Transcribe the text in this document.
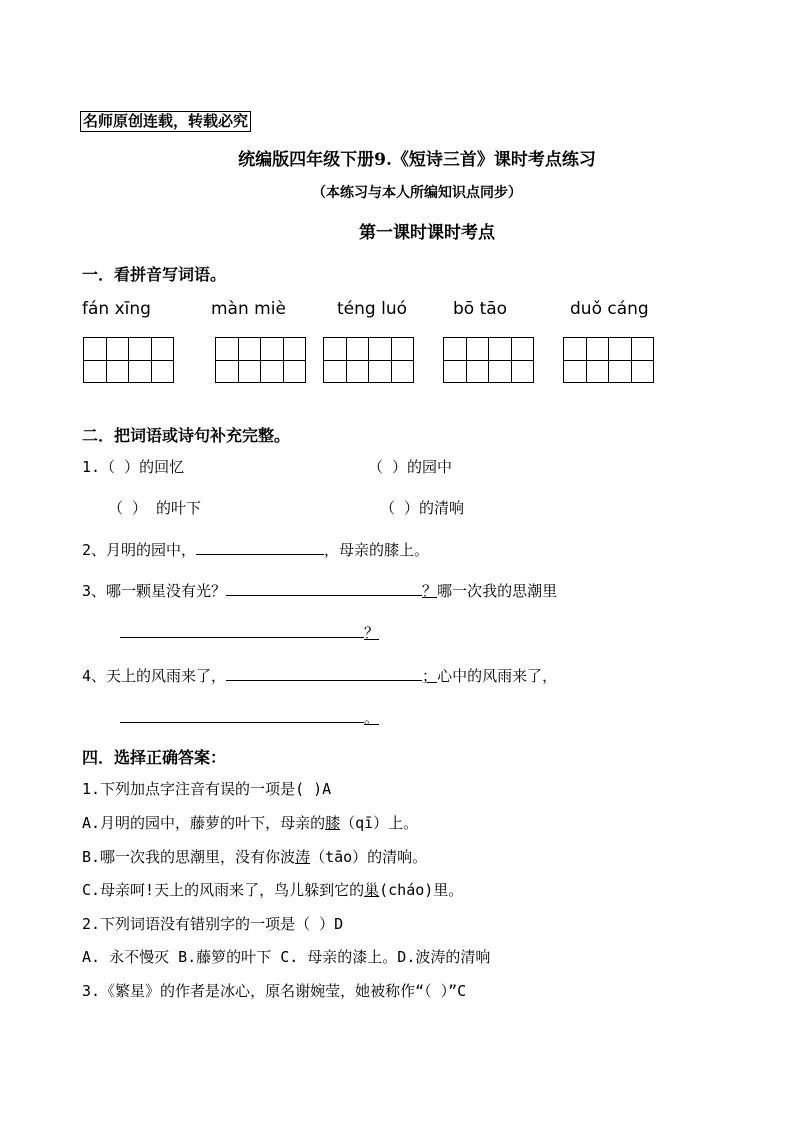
名师原创连载，转载必究
统编版四年级下册9.《短诗三首》课时考点练习
（本练习与本人所编知识点同步）
第一课时课时考点
一．看拼音写词语。
fán xīng	màn miè	téng luó	bō tāo	duǒ cáng
二．把词语或诗句补充完整。
1.（ ）的回忆	（ ）的园中
（ ） 的叶下	（ ）的清响
2、月明的园中，	，母亲的膝上。
3、哪一颗星没有光？	？哪一次我的思潮里
？
4、天上的风雨来了，	；心中的风雨来了，
。
四．选择正确答案：
1.下列加点字注音有误的一项是( )A
A.月明的园中，藤萝的叶下，母亲的膝（qī）上。
B.哪一次我的思潮里，没有你波涛（tāo）的清响。
C.母亲呵!天上的风雨来了，鸟儿躲到它的巢(cháo)里。
2.下列词语没有错别字的一项是（ ）D
A. 永不慢灭 B.藤箩的叶下 C. 母亲的漆上。D.波涛的清响
3.《繁星》的作者是冰心，原名谢婉莹，她被称作“（ ）”C
